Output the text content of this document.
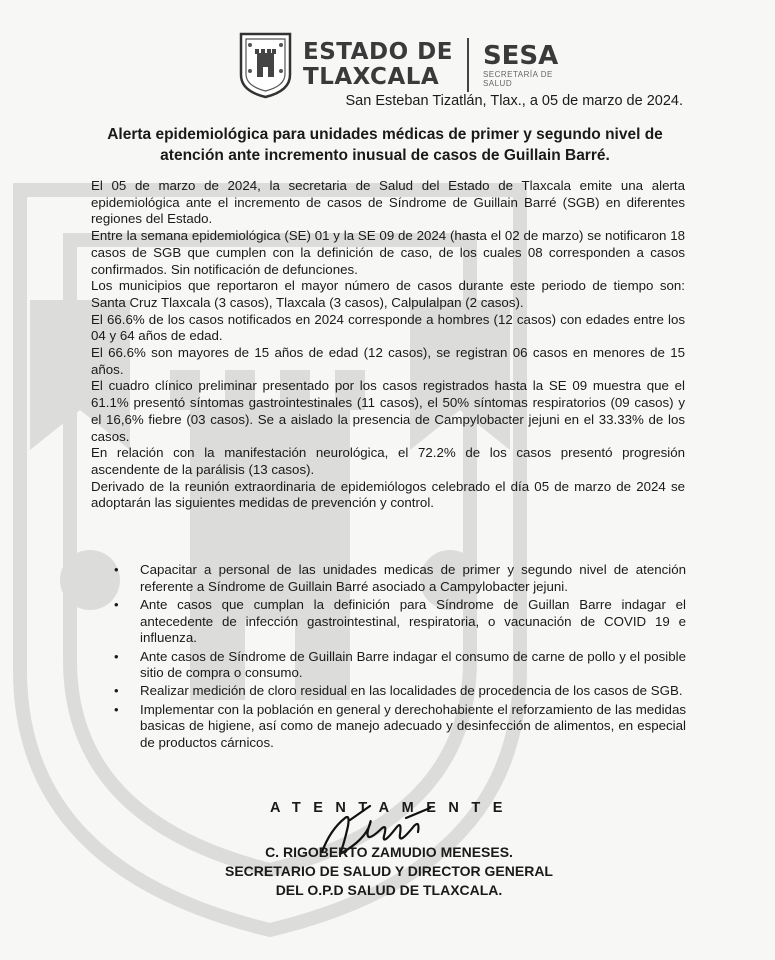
ESTADO DE
TLAXCALA
SESA
SECRETARÍA DE SALUD
San Esteban Tizatlán, Tlax., a 05 de marzo de 2024.
Alerta epidemiológica para unidades médicas de primer y segundo nivel de atención ante incremento inusual de casos de Guillain Barré.

El 05 de marzo de 2024, la secretaria de Salud del Estado de Tlaxcala emite una alerta epidemiológica ante el incremento de casos de Síndrome de Guillain Barré (SGB) en diferentes regiones del Estado.

Entre la semana epidemiológica (SE) 01 y la SE 09 de 2024 (hasta el 02 de marzo) se notificaron 18 casos de SGB que cumplen con la definición de caso, de los cuales 08 corresponden a casos confirmados. Sin notificación de defunciones.

Los municipios que reportaron el mayor número de casos durante este periodo de tiempo son: Santa Cruz Tlaxcala (3 casos), Tlaxcala (3 casos), Calpulalpan (2 casos).

El 66.6% de los casos notificados en 2024 corresponde a hombres (12 casos) con edades entre los 04 y 64 años de edad.

El 66.6% son mayores de 15 años de edad (12 casos), se registran 06 casos en menores de 15 años.

El cuadro clínico preliminar presentado por los casos registrados hasta la SE 09 muestra que el 61.1% presentó síntomas gastrointestinales (11 casos), el 50% síntomas respiratorios (09 casos) y el 16,6% fiebre (03 casos). Se a aislado la presencia de Campylobacter jejuni en el 33.33% de los casos.

En relación con la manifestación neurológica, el 72.2% de los casos presentó progresión ascendente de la parálisis (13 casos).

Derivado de la reunión extraordinaria de epidemiólogos celebrado el día 05 de marzo de 2024 se adoptarán las siguientes medidas de prevención y control.

• Capacitar a personal de las unidades medicas de primer y segundo nivel de atención referente a Síndrome de Guillain Barré asociado a Campylobacter jejuni.
• Ante casos que cumplan la definición para Síndrome de Guillan Barre indagar el antecedente de infección gastrointestinal, respiratoria, o vacunación de COVID 19 e influenza.
• Ante casos de Síndrome de Guillain Barre indagar el consumo de carne de pollo y el posible sitio de compra o consumo.
• Realizar medición de cloro residual en las localidades de procedencia de los casos de SGB.
• Implementar con la población en general y derechohabiente el reforzamiento de las medidas basicas de higiene, así como de manejo adecuado y desinfección de alimentos, en especial de productos cárnicos.
ATENTAMENTE
C. RIGOBERTO ZAMUDIO MENESES.
SECRETARIO DE SALUD Y DIRECTOR GENERAL
DEL O.P.D SALUD DE TLAXCALA.
